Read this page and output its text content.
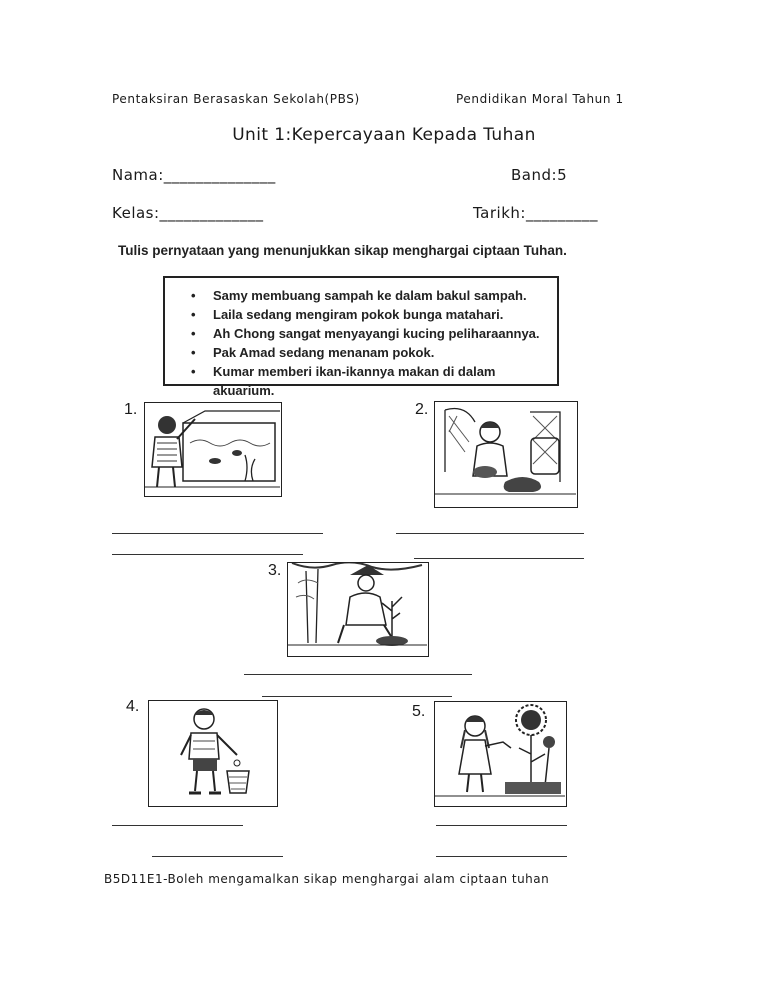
Pentaksiran Berasaskan Sekolah(PBS)	Pendidikan Moral Tahun 1
Unit 1:Kepercayaan Kepada Tuhan
Nama:______________	Band:5
Kelas:_____________	Tarikh:_________
Tulis pernyataan yang menunjukkan sikap menghargai ciptaan Tuhan.
• Samy membuang sampah ke dalam bakul sampah.
• Laila sedang mengiram pokok bunga matahari.
• Ah Chong sangat menyayangi kucing peliharaannya.
• Pak Amad sedang menanam pokok.
• Kumar memberi ikan-ikannya makan di dalam akuarium.
1.	2.
3.
4.	5.
B5D11E1-Boleh mengamalkan sikap menghargai alam ciptaan tuhan
